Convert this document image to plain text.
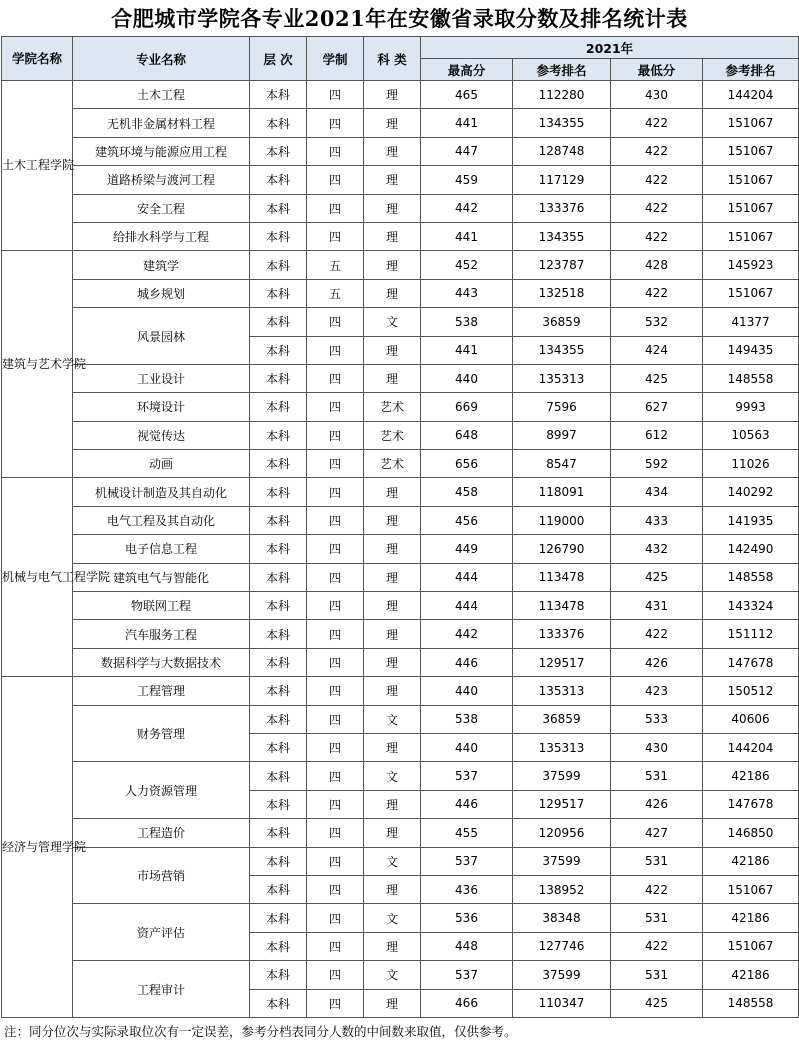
合肥城市学院各专业2021年在安徽省录取分数及排名统计表
学院名称	专业名称	层 次	学制	科 类	2021年			
					最高分	参考排名	最低分	参考排名
土木工程学院	土木工程	本科	四	理	465	112280	430	144204
	无机非金属材料工程	本科	四	理	441	134355	422	151067
	建筑环境与能源应用工程	本科	四	理	447	128748	422	151067
	道路桥梁与渡河工程	本科	四	理	459	117129	422	151067
	安全工程	本科	四	理	442	133376	422	151067
	给排水科学与工程	本科	四	理	441	134355	422	151067
建筑与艺术学院	建筑学	本科	五	理	452	123787	428	145923
	城乡规划	本科	五	理	443	132518	422	151067
	风景园林	本科	四	文	538	36859	532	41377
		本科	四	理	441	134355	424	149435
	工业设计	本科	四	理	440	135313	425	148558
	环境设计	本科	四	艺术	669	7596	627	9993
	视觉传达	本科	四	艺术	648	8997	612	10563
	动画	本科	四	艺术	656	8547	592	11026
机械与电气工程学院	机械设计制造及其自动化	本科	四	理	458	118091	434	140292
	电气工程及其自动化	本科	四	理	456	119000	433	141935
	电子信息工程	本科	四	理	449	126790	432	142490
	建筑电气与智能化	本科	四	理	444	113478	425	148558
	物联网工程	本科	四	理	444	113478	431	143324
	汽车服务工程	本科	四	理	442	133376	422	151112
	数据科学与大数据技术	本科	四	理	446	129517	426	147678
经济与管理学院	工程管理	本科	四	理	440	135313	423	150512
	财务管理	本科	四	文	538	36859	533	40606
		本科	四	理	440	135313	430	144204
	人力资源管理	本科	四	文	537	37599	531	42186
		本科	四	理	446	129517	426	147678
	工程造价	本科	四	理	455	120956	427	146850
	市场营销	本科	四	文	537	37599	531	42186
		本科	四	理	436	138952	422	151067
	资产评估	本科	四	文	536	38348	531	42186
		本科	四	理	448	127746	422	151067
	工程审计	本科	四	文	537	37599	531	42186
		本科	四	理	466	110347	425	148558
注：同分位次与实际录取位次有一定误差，参考分档表同分人数的中间数来取值，仅供参考。
